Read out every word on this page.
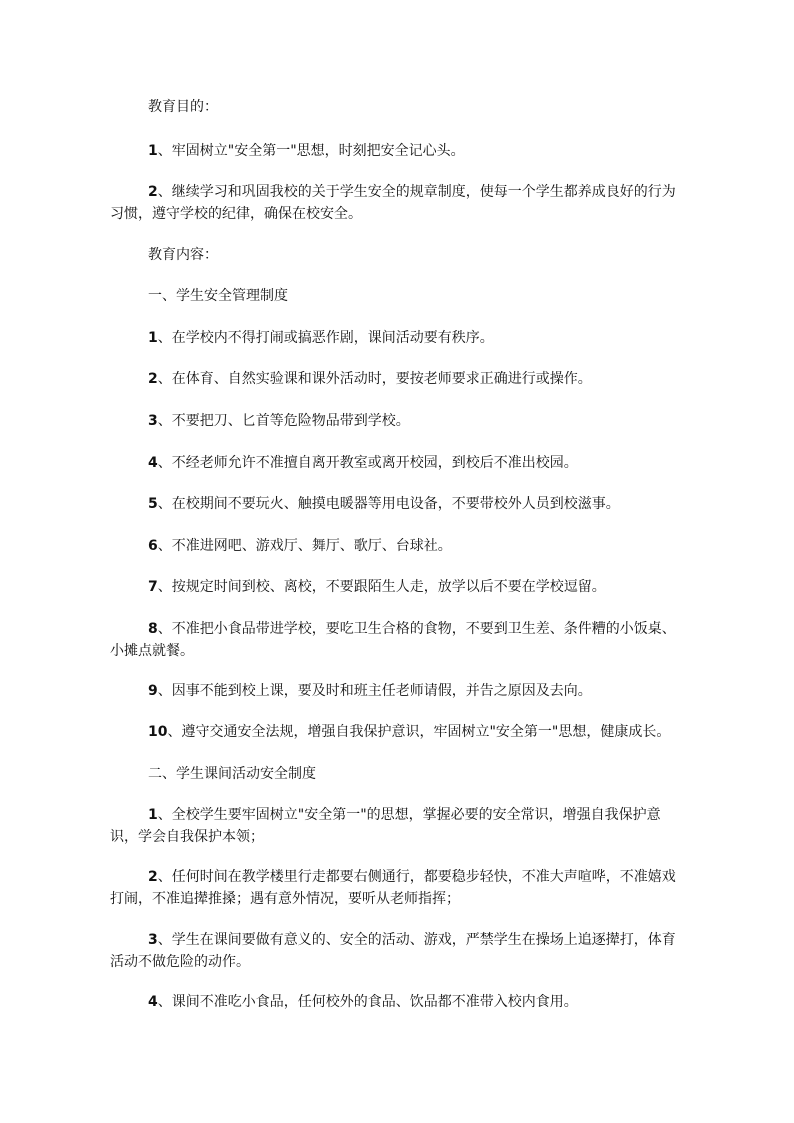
教育目的：

1、牢固树立"安全第一"思想，时刻把安全记心头。

2、继续学习和巩固我校的关于学生安全的规章制度，使每一个学生都养成良好的行为习惯，遵守学校的纪律，确保在校安全。

教育内容：

一、学生安全管理制度

1、在学校内不得打闹或搞恶作剧，课间活动要有秩序。

2、在体育、自然实验课和课外活动时，要按老师要求正确进行或操作。

3、不要把刀、匕首等危险物品带到学校。

4、不经老师允许不准擅自离开教室或离开校园，到校后不准出校园。

5、在校期间不要玩火、触摸电暖器等用电设备，不要带校外人员到校滋事。

6、不准进网吧、游戏厅、舞厅、歌厅、台球社。

7、按规定时间到校、离校，不要跟陌生人走，放学以后不要在学校逗留。

8、不准把小食品带进学校，要吃卫生合格的食物，不要到卫生差、条件糟的小饭桌、小摊点就餐。

9、因事不能到校上课，要及时和班主任老师请假，并告之原因及去向。

10、遵守交通安全法规，增强自我保护意识，牢固树立"安全第一"思想，健康成长。

二、学生课间活动安全制度

1、全校学生要牢固树立"安全第一"的思想，掌握必要的安全常识，增强自我保护意识，学会自我保护本领；

2、任何时间在教学楼里行走都要右侧通行，都要稳步轻快，不准大声喧哗，不准嬉戏打闹，不准追撵推搡；遇有意外情况，要听从老师指挥；

3、学生在课间要做有意义的、安全的活动、游戏，严禁学生在操场上追逐撵打，体育活动不做危险的动作。

4、课间不准吃小食品，任何校外的食品、饮品都不准带入校内食用。
